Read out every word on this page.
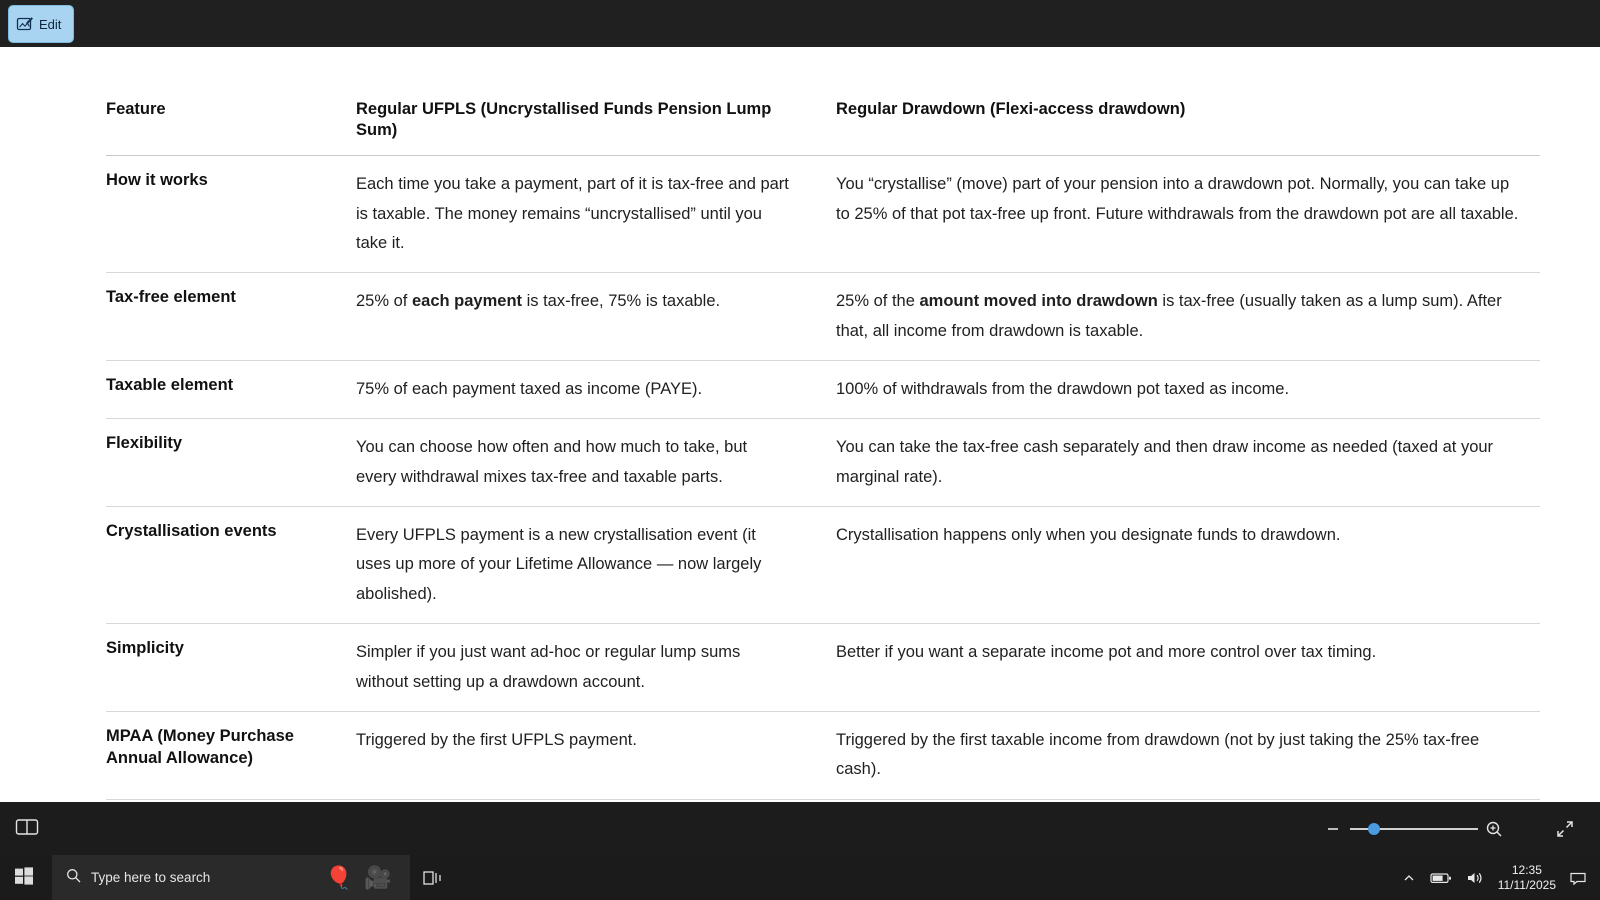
Edit
Feature	Regular UFPLS (Uncrystallised Funds Pension Lump Sum)	Regular Drawdown (Flexi-access drawdown)
How it works	Each time you take a payment, part of it is tax-free and part is taxable. The money remains “uncrystallised” until you take it.	You “crystallise” (move) part of your pension into a drawdown pot. Normally, you can take up to 25% of that pot tax-free up front. Future withdrawals from the drawdown pot are all taxable.
Tax-free element	25% of each payment is tax-free, 75% is taxable.	25% of the amount moved into drawdown is tax-free (usually taken as a lump sum). After that, all income from drawdown is taxable.
Taxable element	75% of each payment taxed as income (PAYE).	100% of withdrawals from the drawdown pot taxed as income.
Flexibility	You can choose how often and how much to take, but every withdrawal mixes tax-free and taxable parts.	You can take the tax-free cash separately and then draw income as needed (taxed at your marginal rate).
Crystallisation events	Every UFPLS payment is a new crystallisation event (it uses up more of your Lifetime Allowance — now largely abolished).	Crystallisation happens only when you designate funds to drawdown.
Simplicity	Simpler if you just want ad-hoc or regular lump sums without setting up a drawdown account.	Better if you want a separate income pot and more control over tax timing.
MPAA (Money Purchase Annual Allowance)	Triggered by the first UFPLS payment.	Triggered by the first taxable income from drawdown (not by just taking the 25% tax-free cash).
Type here to search	🎈 🎥	12:35
11/11/2025
